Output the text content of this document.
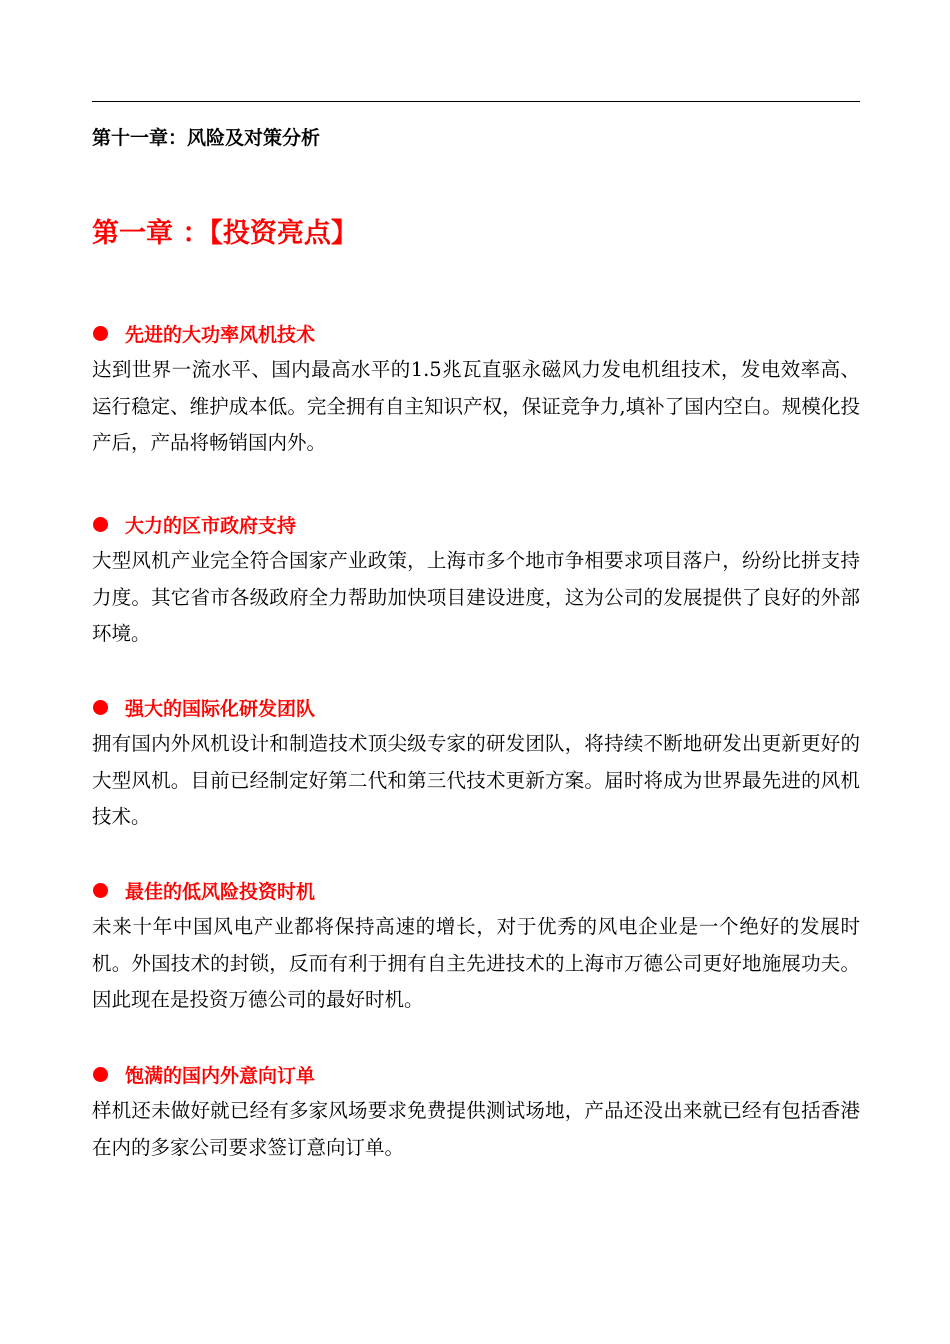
第十一章：风险及对策分析
第一章 ：【投资亮点】
先进的大功率风机技术
达到世界一流水平、国内最高水平的1.5兆瓦直驱永磁风力发电机组技术，发电效率高、运行稳定、维护成本低。完全拥有自主知识产权，保证竞争力,填补了国内空白。规模化投产后，产品将畅销国内外。
大力的区市政府支持
大型风机产业完全符合国家产业政策，上海市多个地市争相要求项目落户，纷纷比拼支持力度。其它省市各级政府全力帮助加快项目建设进度，这为公司的发展提供了良好的外部环境。
强大的国际化研发团队
拥有国内外风机设计和制造技术顶尖级专家的研发团队，将持续不断地研发出更新更好的大型风机。目前已经制定好第二代和第三代技术更新方案。届时将成为世界最先进的风机技术。
最佳的低风险投资时机
未来十年中国风电产业都将保持高速的增长，对于优秀的风电企业是一个绝好的发展时机。外国技术的封锁，反而有利于拥有自主先进技术的上海市万德公司更好地施展功夫。因此现在是投资万德公司的最好时机。
饱满的国内外意向订单
样机还未做好就已经有多家风场要求免费提供测试场地，产品还没出来就已经有包括香港在内的多家公司要求签订意向订单。
